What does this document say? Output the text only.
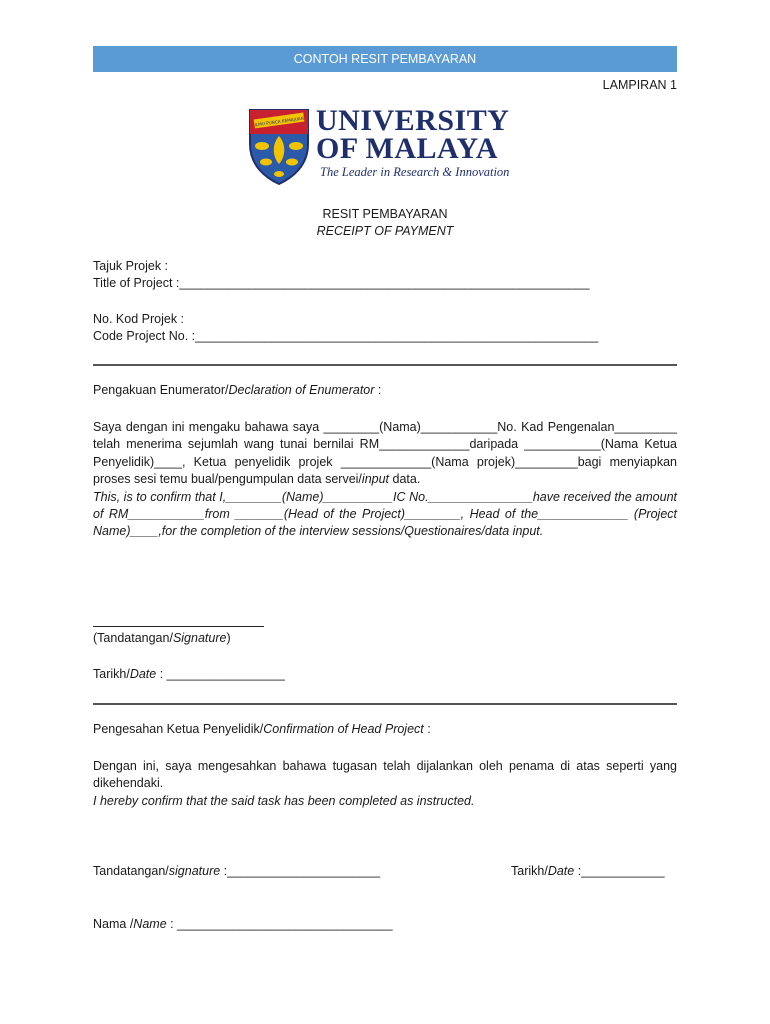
CONTOH RESIT PEMBAYARAN
LAMPIRAN 1
ILMU PUNCA KEMAJUAN UNIVERSITY
OF MALAYA
The Leader in Research & Innovation
RESIT PEMBAYARAN
RECEIPT OF PAYMENT
Tajuk Projek :
Title of Project :___________________________________________________________
No. Kod Projek :
Code Project No. :__________________________________________________________
Pengakuan Enumerator/Declaration of Enumerator :

Saya dengan ini mengaku bahawa saya ________(Nama)___________No. Kad Pengenalan_________ telah menerima sejumlah wang tunai bernilai RM_____________daripada ___________(Nama Ketua Penyelidik)____, Ketua penyelidik projek _____________(Nama projek)_________bagi menyiapkan proses sesi temu bual/pengumpulan data servei/input data.

This, is to confirm that I,________(Name)__________IC No._______________have received the amount of RM___________from _______(Head of the Project)________, Head of the_____________ (Project Name)____,for the completion of the interview sessions/Questionaires/data input.

(Tandatangan/Signature)
Tarikh/Date : _________________
Pengesahan Ketua Penyelidik/Confirmation of Head Project :

Dengan ini, saya mengesahkan bahawa tugasan telah dijalankan oleh penama di atas seperti yang dikehendaki.

I hereby confirm that the said task has been completed as instructed.

Tandatangan/signature :______________________	Tarikh/Date :____________
Nama /Name : _______________________________
